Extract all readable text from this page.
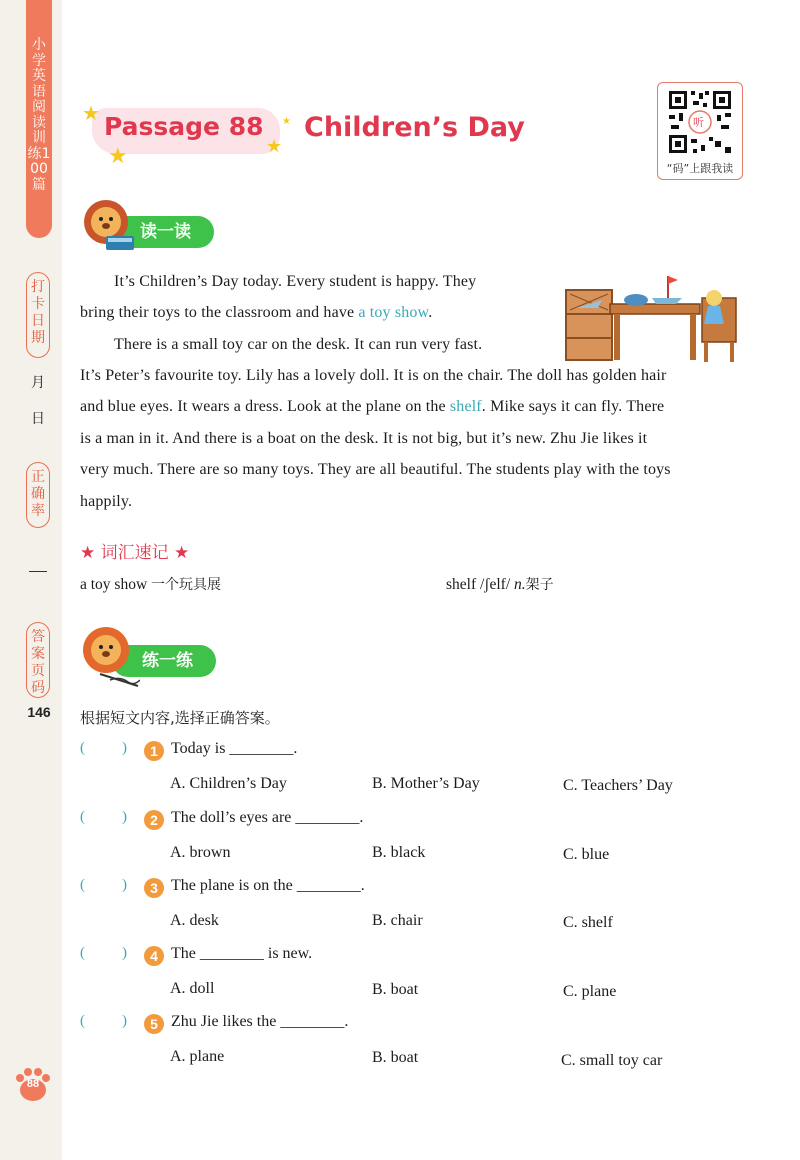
小学英语阅读训练100篇
打卡日期
月
日
正确率
答案页码
146
88
★
★	★
★
Passage 88 Children’s Day	听
“码”上跟我读
读一读
It’s Children’s Day today. Every student is happy. They
bring their toys to the classroom and have a toy show.
There is a small toy car on the desk. It can run very fast.
It’s Peter’s favourite toy. Lily has a lovely doll. It is on the chair. The doll has golden hair
and blue eyes. It wears a dress. Look at the plane on the shelf. Mike says it can fly. There
is a man in it. And there is a boat on the desk. It is not big, but it’s new. Zhu Jie likes it
very much. There are so many toys. They are all beautiful. The students play with the toys
happily.
★ 词汇速记 ★
a toy show 一个玩具展	shelf /ʃelf/ n.架子
练一练
根据短文内容,选择正确答案。
( )	1 Today is ________.
A. Children’s Day	B. Mother’s Day	C. Teachers’ Day
( )	2 The doll’s eyes are ________.
A. brown	B. black	C. blue
( )	3 The plane is on the ________.
A. desk	B. chair	C. shelf
( )	4 The ________ is new.
A. doll	B. boat	C. plane
( )	5 Zhu Jie likes the ________.
A. plane	B. boat	C. small toy car
